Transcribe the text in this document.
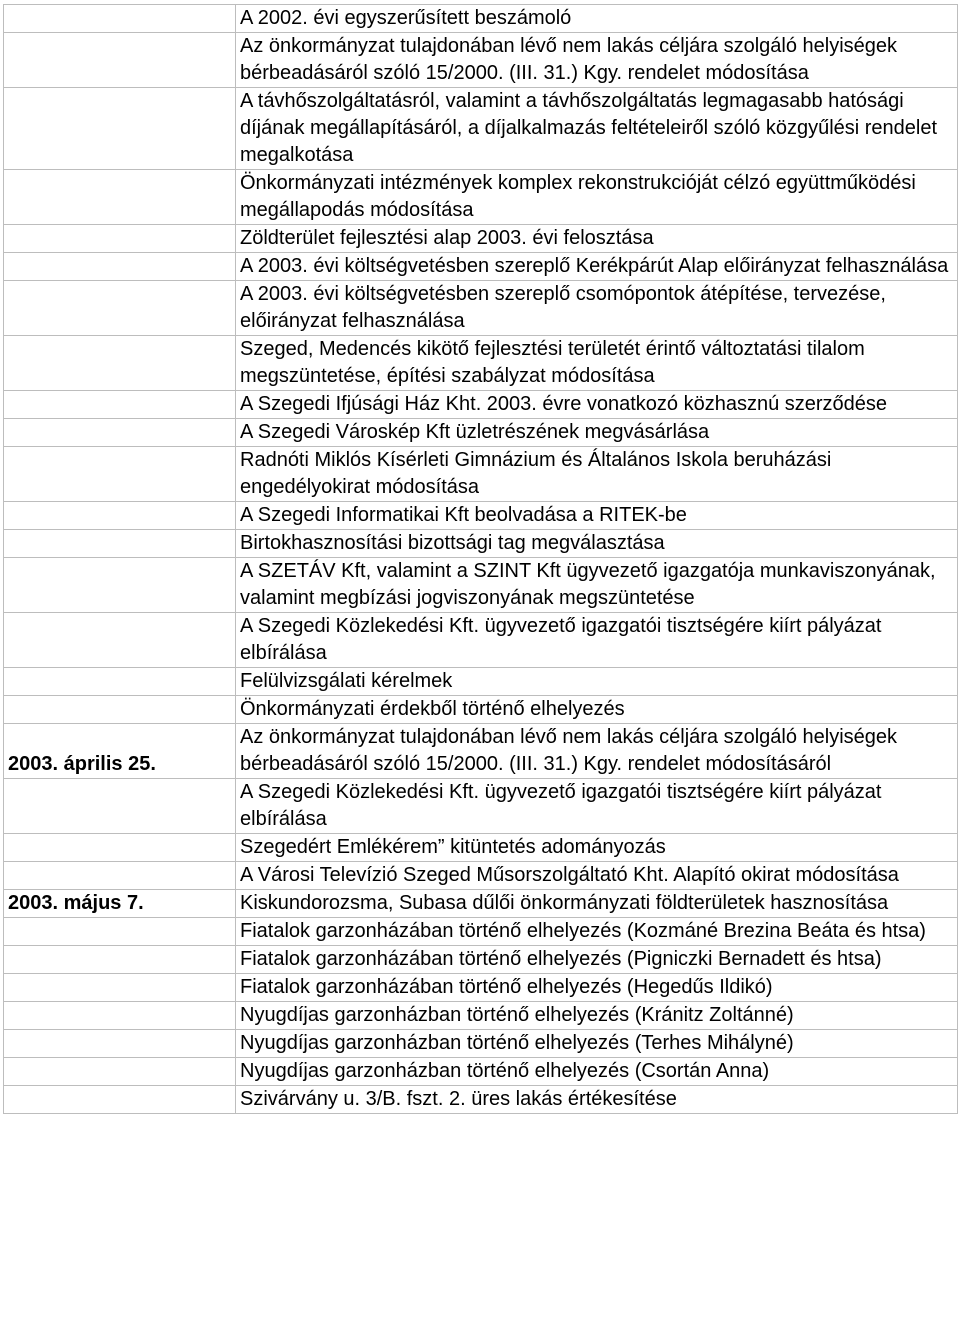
	A 2002. évi egyszerűsített beszámoló
	Az önkormányzat tulajdonában lévő nem lakás céljára szolgáló helyiségek bérbeadásáról szóló 15/2000. (III. 31.) Kgy. rendelet módosítása
	A távhőszolgáltatásról, valamint a távhőszolgáltatás legmagasabb hatósági díjának megállapításáról, a díjalkalmazás feltételeiről szóló közgyűlési rendelet megalkotása
	Önkormányzati intézmények komplex rekonstrukcióját célzó együttműködési megállapodás módosítása
	Zöldterület fejlesztési alap 2003. évi felosztása
	A 2003. évi költségvetésben szereplő Kerékpárút Alap előirányzat felhasználása
	A 2003. évi költségvetésben szereplő csomópontok átépítése, tervezése, előirányzat felhasználása
	Szeged, Medencés kikötő fejlesztési területét érintő változtatási tilalom megszüntetése, építési szabályzat módosítása
	A Szegedi Ifjúsági Ház Kht. 2003. évre vonatkozó közhasznú szerződése
	A Szegedi Városkép Kft üzletrészének megvásárlása
	Radnóti Miklós Kísérleti Gimnázium és Általános Iskola beruházási engedélyokirat módosítása
	A Szegedi Informatikai Kft beolvadása a RITEK-be
	Birtokhasznosítási bizottsági tag megválasztása
	A SZETÁV Kft, valamint a SZINT Kft ügyvezető igazgatója munkaviszonyának, valamint megbízási jogviszonyának megszüntetése
	A Szegedi Közlekedési Kft. ügyvezető igazgatói tisztségére kiírt pályázat elbírálása
	Felülvizsgálati kérelmek
	Önkormányzati érdekből történő elhelyezés
2003. április 25.	Az önkormányzat tulajdonában lévő nem lakás céljára szolgáló helyiségek bérbeadásáról szóló 15/2000. (III. 31.) Kgy. rendelet módosításáról
	A Szegedi Közlekedési Kft. ügyvezető igazgatói tisztségére kiírt pályázat elbírálása
	Szegedért Emlékérem” kitüntetés adományozás
	A Városi Televízió Szeged Műsorszolgáltató Kht. Alapító okirat módosítása
2003. május 7.	Kiskundorozsma, Subasa dűlői önkormányzati földterületek hasznosítása
	Fiatalok garzonházában történő elhelyezés (Kozmáné Brezina Beáta és htsa)
	Fiatalok garzonházában történő elhelyezés (Pigniczki Bernadett és htsa)
	Fiatalok garzonházában történő elhelyezés (Hegedűs Ildikó)
	Nyugdíjas garzonházban történő elhelyezés (Kránitz Zoltánné)
	Nyugdíjas garzonházban történő elhelyezés (Terhes Mihályné)
	Nyugdíjas garzonházban történő elhelyezés (Csortán Anna)
	Szivárvány u. 3/B. fszt. 2. üres lakás értékesítése
